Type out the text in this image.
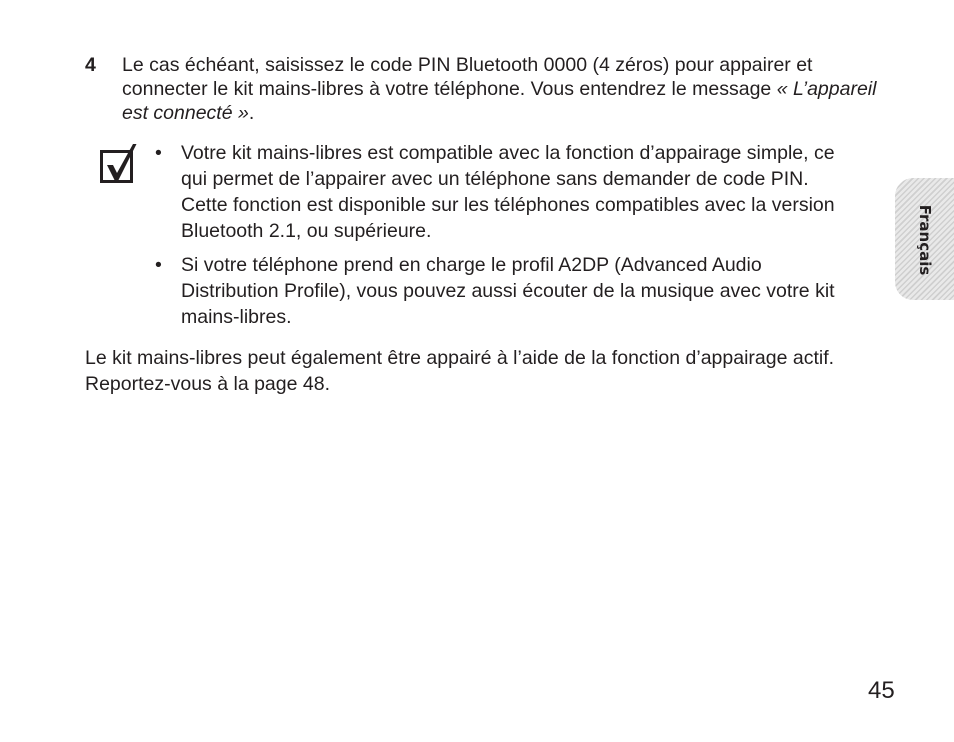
4 Le cas échéant, saisissez le code PIN Bluetooth 0000 (4 zéros) pour appairer et connecter le kit mains-libres à votre téléphone. Vous entendrez le message « L’appareil est connecté ».
• Votre kit mains-libres est compatible avec la fonction d’appairage simple, ce qui permet de l’appairer avec un téléphone sans demander de code PIN. Cette fonction est disponible sur les téléphones compatibles avec la version Bluetooth 2.1, ou supérieure.
• Si votre téléphone prend en charge le profil A2DP (Advanced Audio Distribution Profile), vous pouvez aussi écouter de la musique avec votre kit mains-libres.
Le kit mains-libres peut également être appairé à l’aide de la fonction d’appairage actif. Reportez-vous à la page 48.
Français
45
